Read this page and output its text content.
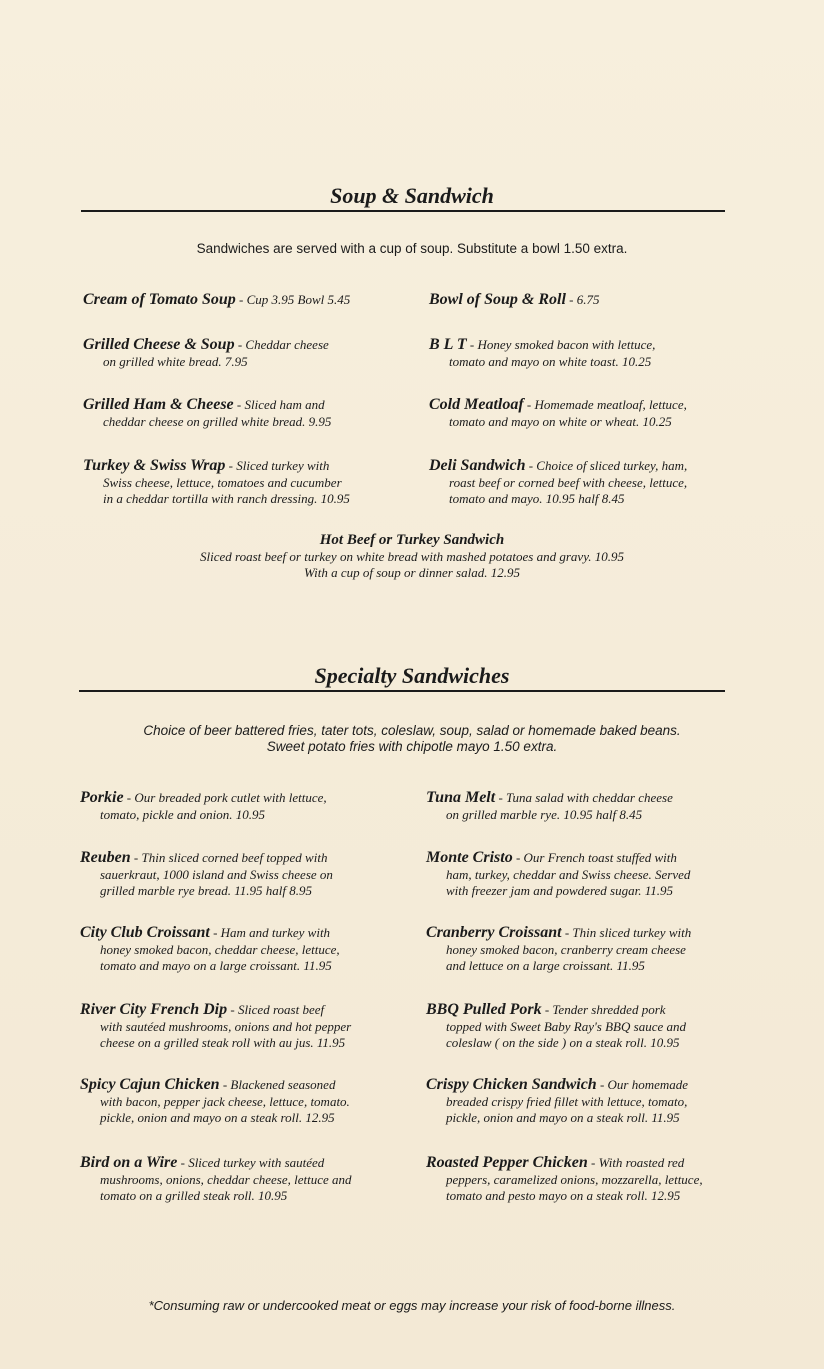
Soup & Sandwich
Sandwiches are served with a cup of soup. Substitute a bowl 1.50 extra.
Cream of Tomato Soup - Cup 3.95 Bowl 5.45	Bowl of Soup & Roll - 6.75
Grilled Cheese & Soup - Cheddar cheese
on grilled white bread. 7.95
B L T - Honey smoked bacon with lettuce,
tomato and mayo on white toast. 10.25
Grilled Ham & Cheese - Sliced ham and
cheddar cheese on grilled white bread. 9.95
Cold Meatloaf - Homemade meatloaf, lettuce,
tomato and mayo on white or wheat. 10.25
Turkey & Swiss Wrap - Sliced turkey with
Swiss cheese, lettuce, tomatoes and cucumber
in a cheddar tortilla with ranch dressing. 10.95
Deli Sandwich - Choice of sliced turkey, ham,
roast beef or corned beef with cheese, lettuce,
tomato and mayo. 10.95 half 8.45
Hot Beef or Turkey Sandwich
Sliced roast beef or turkey on white bread with mashed potatoes and gravy. 10.95
With a cup of soup or dinner salad. 12.95
Specialty Sandwiches
Choice of beer battered fries, tater tots, coleslaw, soup, salad or homemade baked beans.
Sweet potato fries with chipotle mayo 1.50 extra.
Porkie - Our breaded pork cutlet with lettuce,
tomato, pickle and onion. 10.95
Tuna Melt - Tuna salad with cheddar cheese
on grilled marble rye. 10.95 half 8.45
Reuben - Thin sliced corned beef topped with
sauerkraut, 1000 island and Swiss cheese on
grilled marble rye bread. 11.95 half 8.95
Monte Cristo - Our French toast stuffed with
ham, turkey, cheddar and Swiss cheese. Served
with freezer jam and powdered sugar. 11.95
City Club Croissant - Ham and turkey with
honey smoked bacon, cheddar cheese, lettuce,
tomato and mayo on a large croissant. 11.95
Cranberry Croissant - Thin sliced turkey with
honey smoked bacon, cranberry cream cheese
and lettuce on a large croissant. 11.95
River City French Dip - Sliced roast beef
with sautéed mushrooms, onions and hot pepper
cheese on a grilled steak roll with au jus. 11.95
BBQ Pulled Pork - Tender shredded pork
topped with Sweet Baby Ray's BBQ sauce and
coleslaw ( on the side ) on a steak roll. 10.95
Spicy Cajun Chicken - Blackened seasoned
with bacon, pepper jack cheese, lettuce, tomato.
pickle, onion and mayo on a steak roll. 12.95
Crispy Chicken Sandwich - Our homemade
breaded crispy fried fillet with lettuce, tomato,
pickle, onion and mayo on a steak roll. 11.95
Bird on a Wire - Sliced turkey with sautéed
mushrooms, onions, cheddar cheese, lettuce and
tomato on a grilled steak roll. 10.95
Roasted Pepper Chicken - With roasted red
peppers, caramelized onions, mozzarella, lettuce,
tomato and pesto mayo on a steak roll. 12.95
*Consuming raw or undercooked meat or eggs may increase your risk of food-borne illness.
